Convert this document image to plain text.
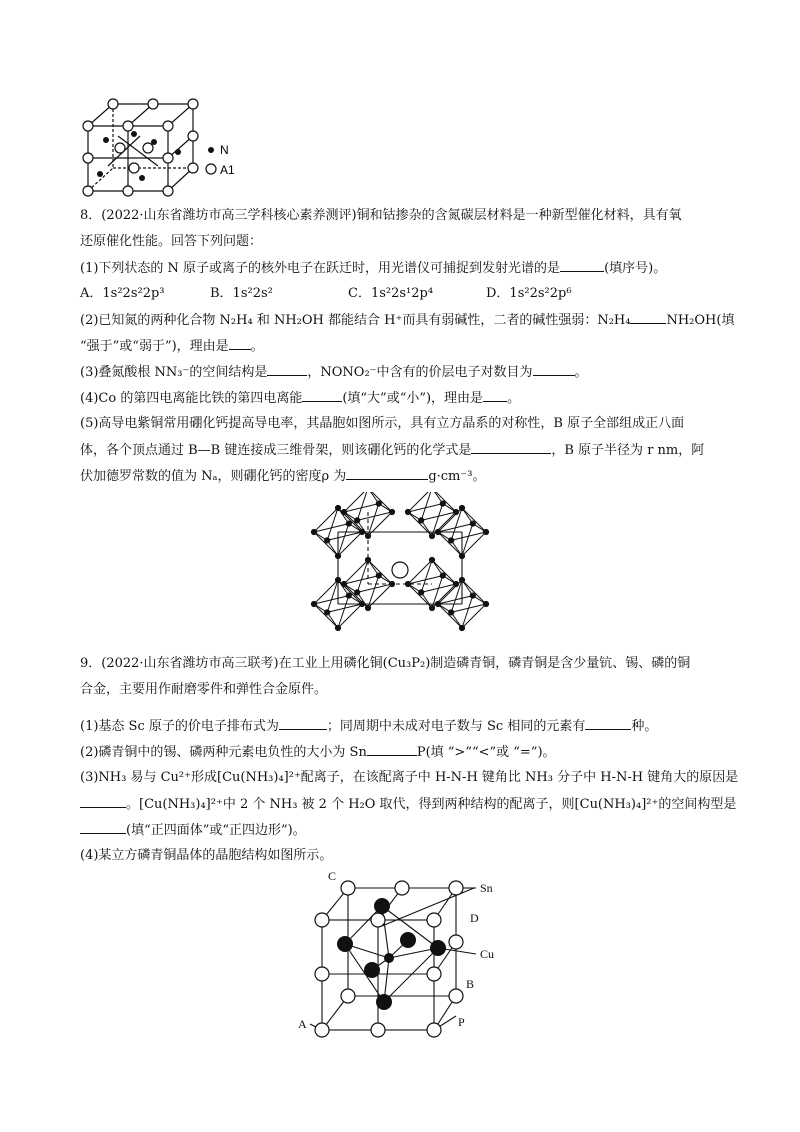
N
A1
8．(2022·山东省潍坊市高三学科核心素养测评)铜和钴掺杂的含氮碳层材料是一种新型催化材料，具有氧
还原催化性能。回答下列问题：
(1)下列状态的 N 原子或离子的核外电子在跃迁时，用光谱仪可捕捉到发射光谱的是	(填序号)。
A．1s²2s²2p³	B．1s²2s²	C．1s²2s¹2p⁴	D．1s²2s²2p⁶
(2)已知氮的两种化合物 N₂H₄ 和 NH₂OH 都能结合 H⁺而具有弱碱性，二者的碱性强弱：N₂H₄	NH₂OH(填
“强于”或“弱于”)，理由是 。
(3)叠氮酸根 NN₃⁻的空间结构是	，NONO₂⁻中含有的价层电子对数目为	。
(4)Co 的第四电离能比铁的第四电离能	(填“大”或“小”)，理由是 。
(5)高导电紫铜常用硼化钙提高导电率，其晶胞如图所示，具有立方晶系的对称性，B 原子全部组成正八面
体，各个顶点通过 B—B 键连接成三维骨架，则该硼化钙的化学式是	，B 原子半径为 r nm，阿
伏加德罗常数的值为 Nₐ，则硼化钙的密度ρ 为	g·cm⁻³。
9．(2022·山东省潍坊市高三联考)在工业上用磷化铜(Cu₃P₂)制造磷青铜，磷青铜是含少量钪、锡、磷的铜
合金，主要用作耐磨零件和弹性合金原件。
(1)基态 Sc 原子的价电子排布式为	；同周期中未成对电子数与 Sc 相同的元素有	种。
(2)磷青铜中的锡、磷两种元素电负性的大小为 Sn	P(填 “>”“<”或 “=”)。
(3)NH₃ 易与 Cu²⁺形成[Cu(NH₃)₄]²⁺配离子，在该配离子中 H-N-H 键角比 NH₃ 分子中 H-N-H 键角大的原因是
。[Cu(NH₃)₄]²⁺中 2 个 NH₃ 被 2 个 H₂O 取代，得到两种结构的配离子，则[Cu(NH₃)₄]²⁺的空间构型是
(填“正四面体”或“正四边形”)。
(4)某立方磷青铜晶体的晶胞结构如图所示。
C
Sn
D
Cu
B
A	P
